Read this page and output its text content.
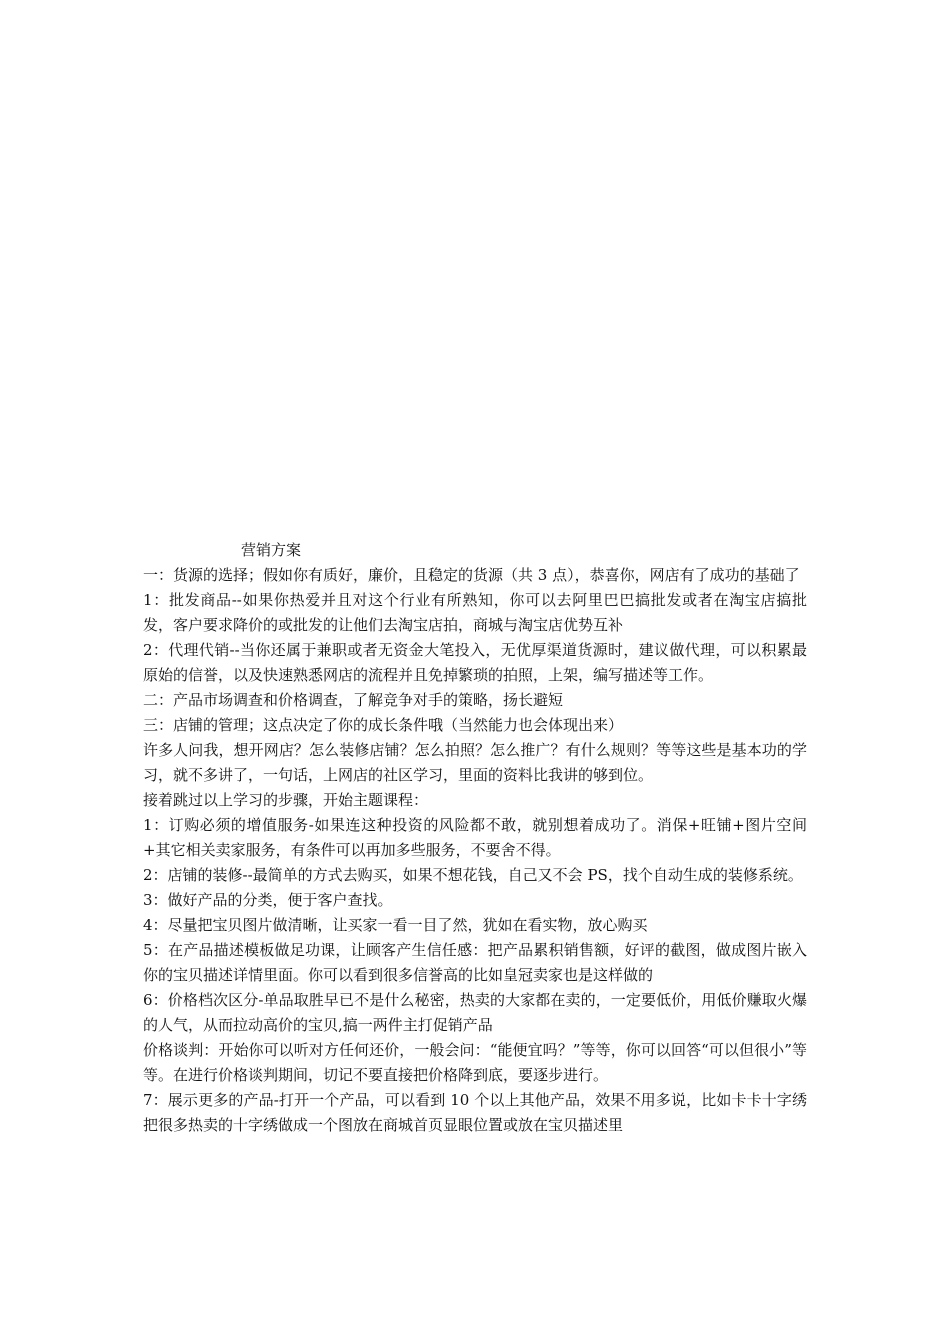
营销方案

一：货源的选择；假如你有质好，廉价，且稳定的货源（共 3 点），恭喜你，网店有了成功的基础了

1：批发商品--如果你热爱并且对这个行业有所熟知，你可以去阿里巴巴搞批发或者在淘宝店搞批发，客户要求降价的或批发的让他们去淘宝店拍，商城与淘宝店优势互补

2：代理代销--当你还属于兼职或者无资金大笔投入，无优厚渠道货源时，建议做代理，可以积累最原始的信誉，以及快速熟悉网店的流程并且免掉繁琐的拍照，上架，编写描述等工作。

二：产品市场调查和价格调查，了解竞争对手的策略，扬长避短

三：店铺的管理；这点决定了你的成长条件哦（当然能力也会体现出来）

许多人问我，想开网店？怎么装修店铺？怎么拍照？怎么推广？有什么规则？等等这些是基本功的学习，就不多讲了，一句话，上网店的社区学习，里面的资料比我讲的够到位。

接着跳过以上学习的步骤，开始主题课程：

1：订购必须的增值服务-如果连这种投资的风险都不敢，就别想着成功了。消保+旺铺+图片空间+其它相关卖家服务，有条件可以再加多些服务，不要舍不得。

2：店铺的装修--最简单的方式去购买，如果不想花钱，自己又不会 PS，找个自动生成的装修系统。

3：做好产品的分类，便于客户查找。

4：尽量把宝贝图片做清晰，让买家一看一目了然，犹如在看实物，放心购买

5：在产品描述模板做足功课，让顾客产生信任感：把产品累积销售额，好评的截图，做成图片嵌入你的宝贝描述详情里面。你可以看到很多信誉高的比如皇冠卖家也是这样做的

6：价格档次区分-单品取胜早已不是什么秘密，热卖的大家都在卖的，一定要低价，用低价赚取火爆的人气，从而拉动高价的宝贝,搞一两件主打促销产品

价格谈判：开始你可以听对方任何还价，一般会问：“能便宜吗？”等等，你可以回答“可以但很小”等等。在进行价格谈判期间，切记不要直接把价格降到底，要逐步进行。

7：展示更多的产品-打开一个产品，可以看到 10 个以上其他产品，效果不用多说，比如卡卡十字绣把很多热卖的十字绣做成一个图放在商城首页显眼位置或放在宝贝描述里
